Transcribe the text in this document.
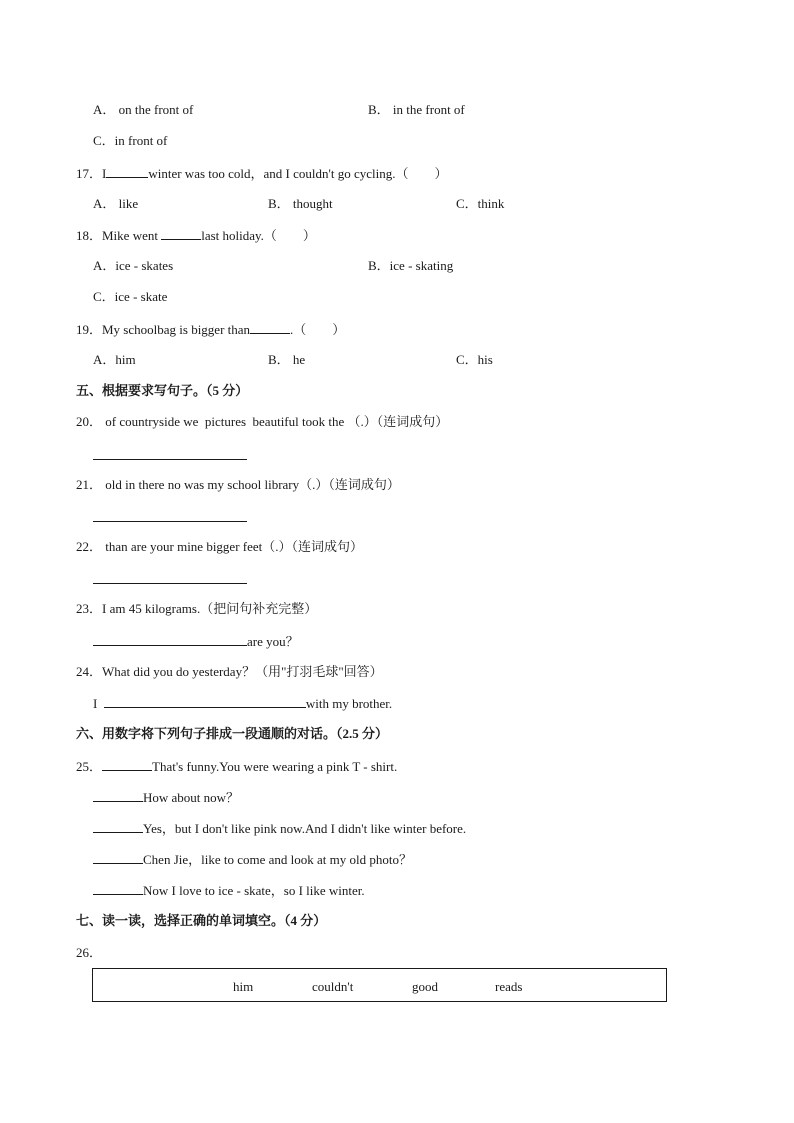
A． on the front of	B． in the front of
C．in front of
17．I	winter was too cold，and I couldn't go cycling.（　　）
A． like	B． thought	C．think
18．Mike went	last holiday.（　　）
A．ice - skates	B．ice - skating
C．ice - skate
19．My schoolbag is bigger than	.（　　）
A．him	B． he	C．his
五、根据要求写句子。（5 分）
20． of countryside we  pictures  beautiful took the （.）（连词成句）
21． old in there no was my school library（.）（连词成句）
22． than are your mine bigger feet（.）（连词成句）
23．I am 45 kilograms.（把问句补充完整）
are you？
24．What did you do yesterday？（用"打羽毛球"回答）
I	with my brother.
六、用数字将下列句子排成一段通顺的对话。（2.5 分）
25．	That's funny.You were wearing a pink T - shirt.
How about now？
Yes，but I don't like pink now.And I didn't like winter before.
Chen Jie，like to come and look at my old photo？
Now I love to ice - skate，so I like winter.
七、读一读，选择正确的单词填空。（4 分）
26．
him	couldn't	good	reads
